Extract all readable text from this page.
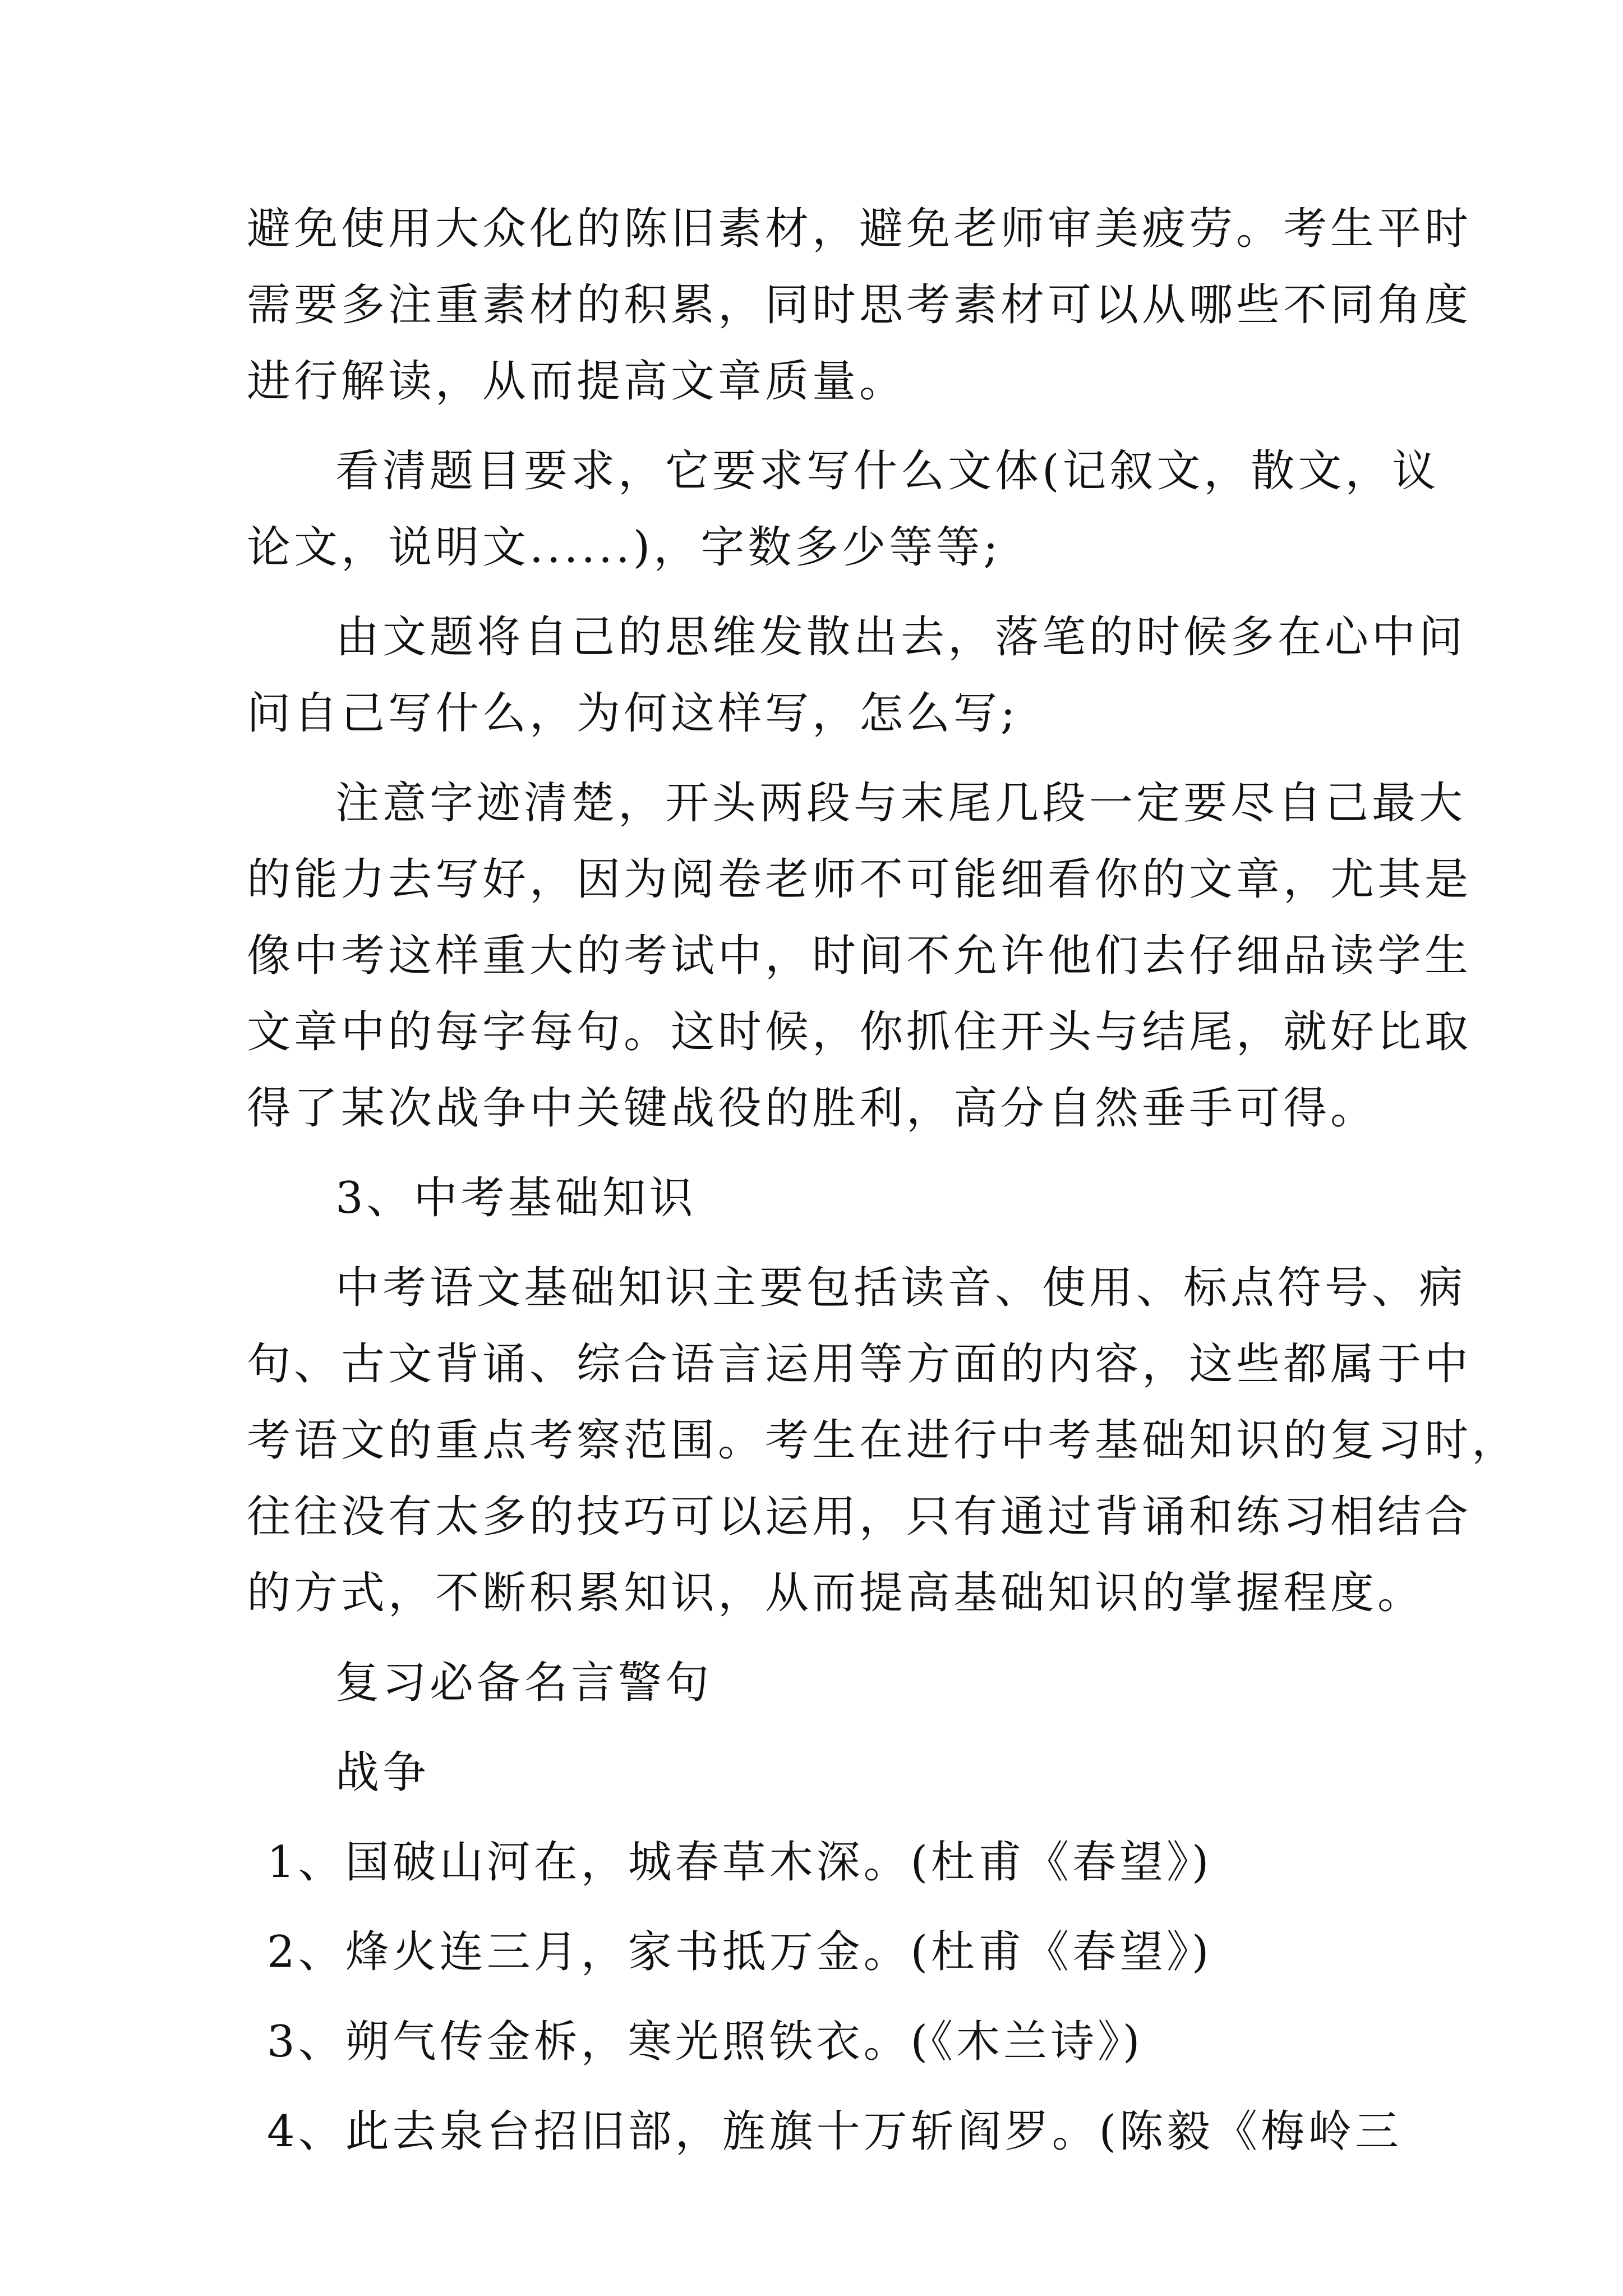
避免使用大众化的陈旧素材，避免老师审美疲劳。考生平时
需要多注重素材的积累，同时思考素材可以从哪些不同角度
进行解读，从而提高文章质量。
看清题目要求，它要求写什么文体(记叙文，散文，议
论文，说明文......)，字数多少等等;
由文题将自己的思维发散出去，落笔的时候多在心中问
问自己写什么，为何这样写，怎么写;
注意字迹清楚，开头两段与末尾几段一定要尽自己最大
的能力去写好，因为阅卷老师不可能细看你的文章，尤其是
像中考这样重大的考试中，时间不允许他们去仔细品读学生
文章中的每字每句。这时候，你抓住开头与结尾，就好比取
得了某次战争中关键战役的胜利，高分自然垂手可得。
3、中考基础知识
中考语文基础知识主要包括读音、使用、标点符号、病
句、古文背诵、综合语言运用等方面的内容，这些都属于中
考语文的重点考察范围。考生在进行中考基础知识的复习时，
往往没有太多的技巧可以运用，只有通过背诵和练习相结合
的方式，不断积累知识，从而提高基础知识的掌握程度。
复习必备名言警句
战争
1、国破山河在，城春草木深。(杜甫《春望》)
2、烽火连三月，家书抵万金。(杜甫《春望》)
3、朔气传金柝，寒光照铁衣。(《木兰诗》)
4、此去泉台招旧部，旌旗十万斩阎罗。(陈毅《梅岭三
